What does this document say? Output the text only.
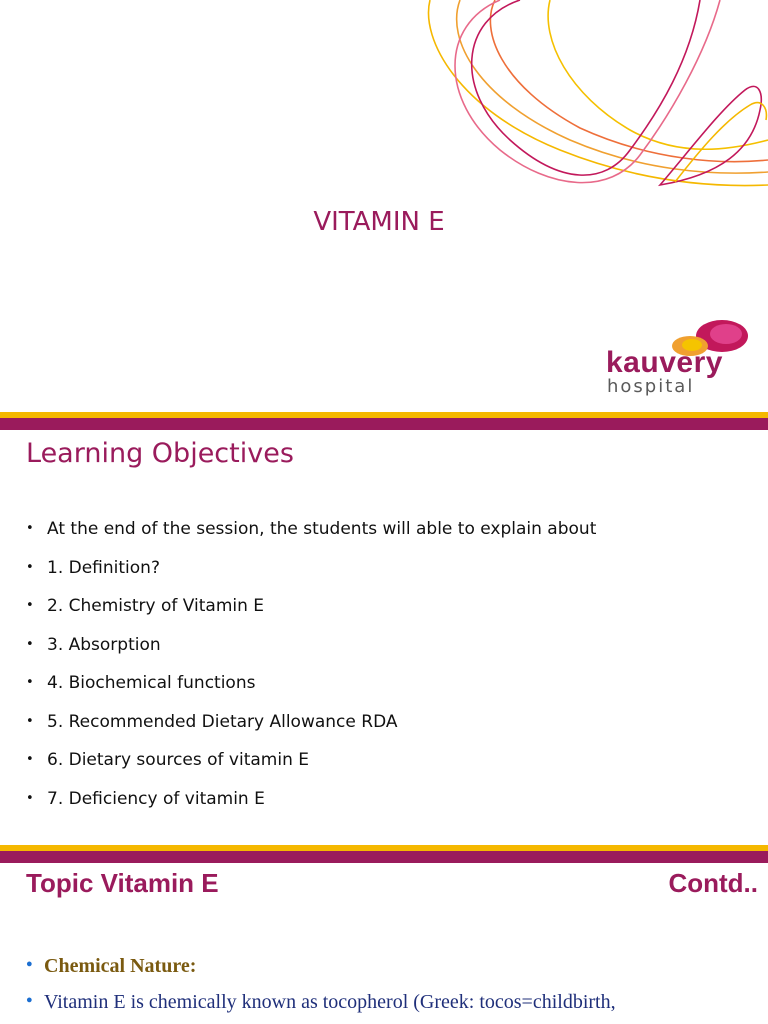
VITAMIN E
kauvery
hospital
Learning Objectives
• At the end of the session, the students will able to explain about
• 1. Definition?
• 2. Chemistry of Vitamin E
• 3. Absorption
• 4. Biochemical functions
• 5. Recommended Dietary Allowance RDA
• 6. Dietary sources of vitamin E
• 7. Deficiency of vitamin E
Topic Vitamin E	Contd..
● Chemical Nature:
● Vitamin E is chemically known as tocopherol (Greek: tocos=childbirth,
